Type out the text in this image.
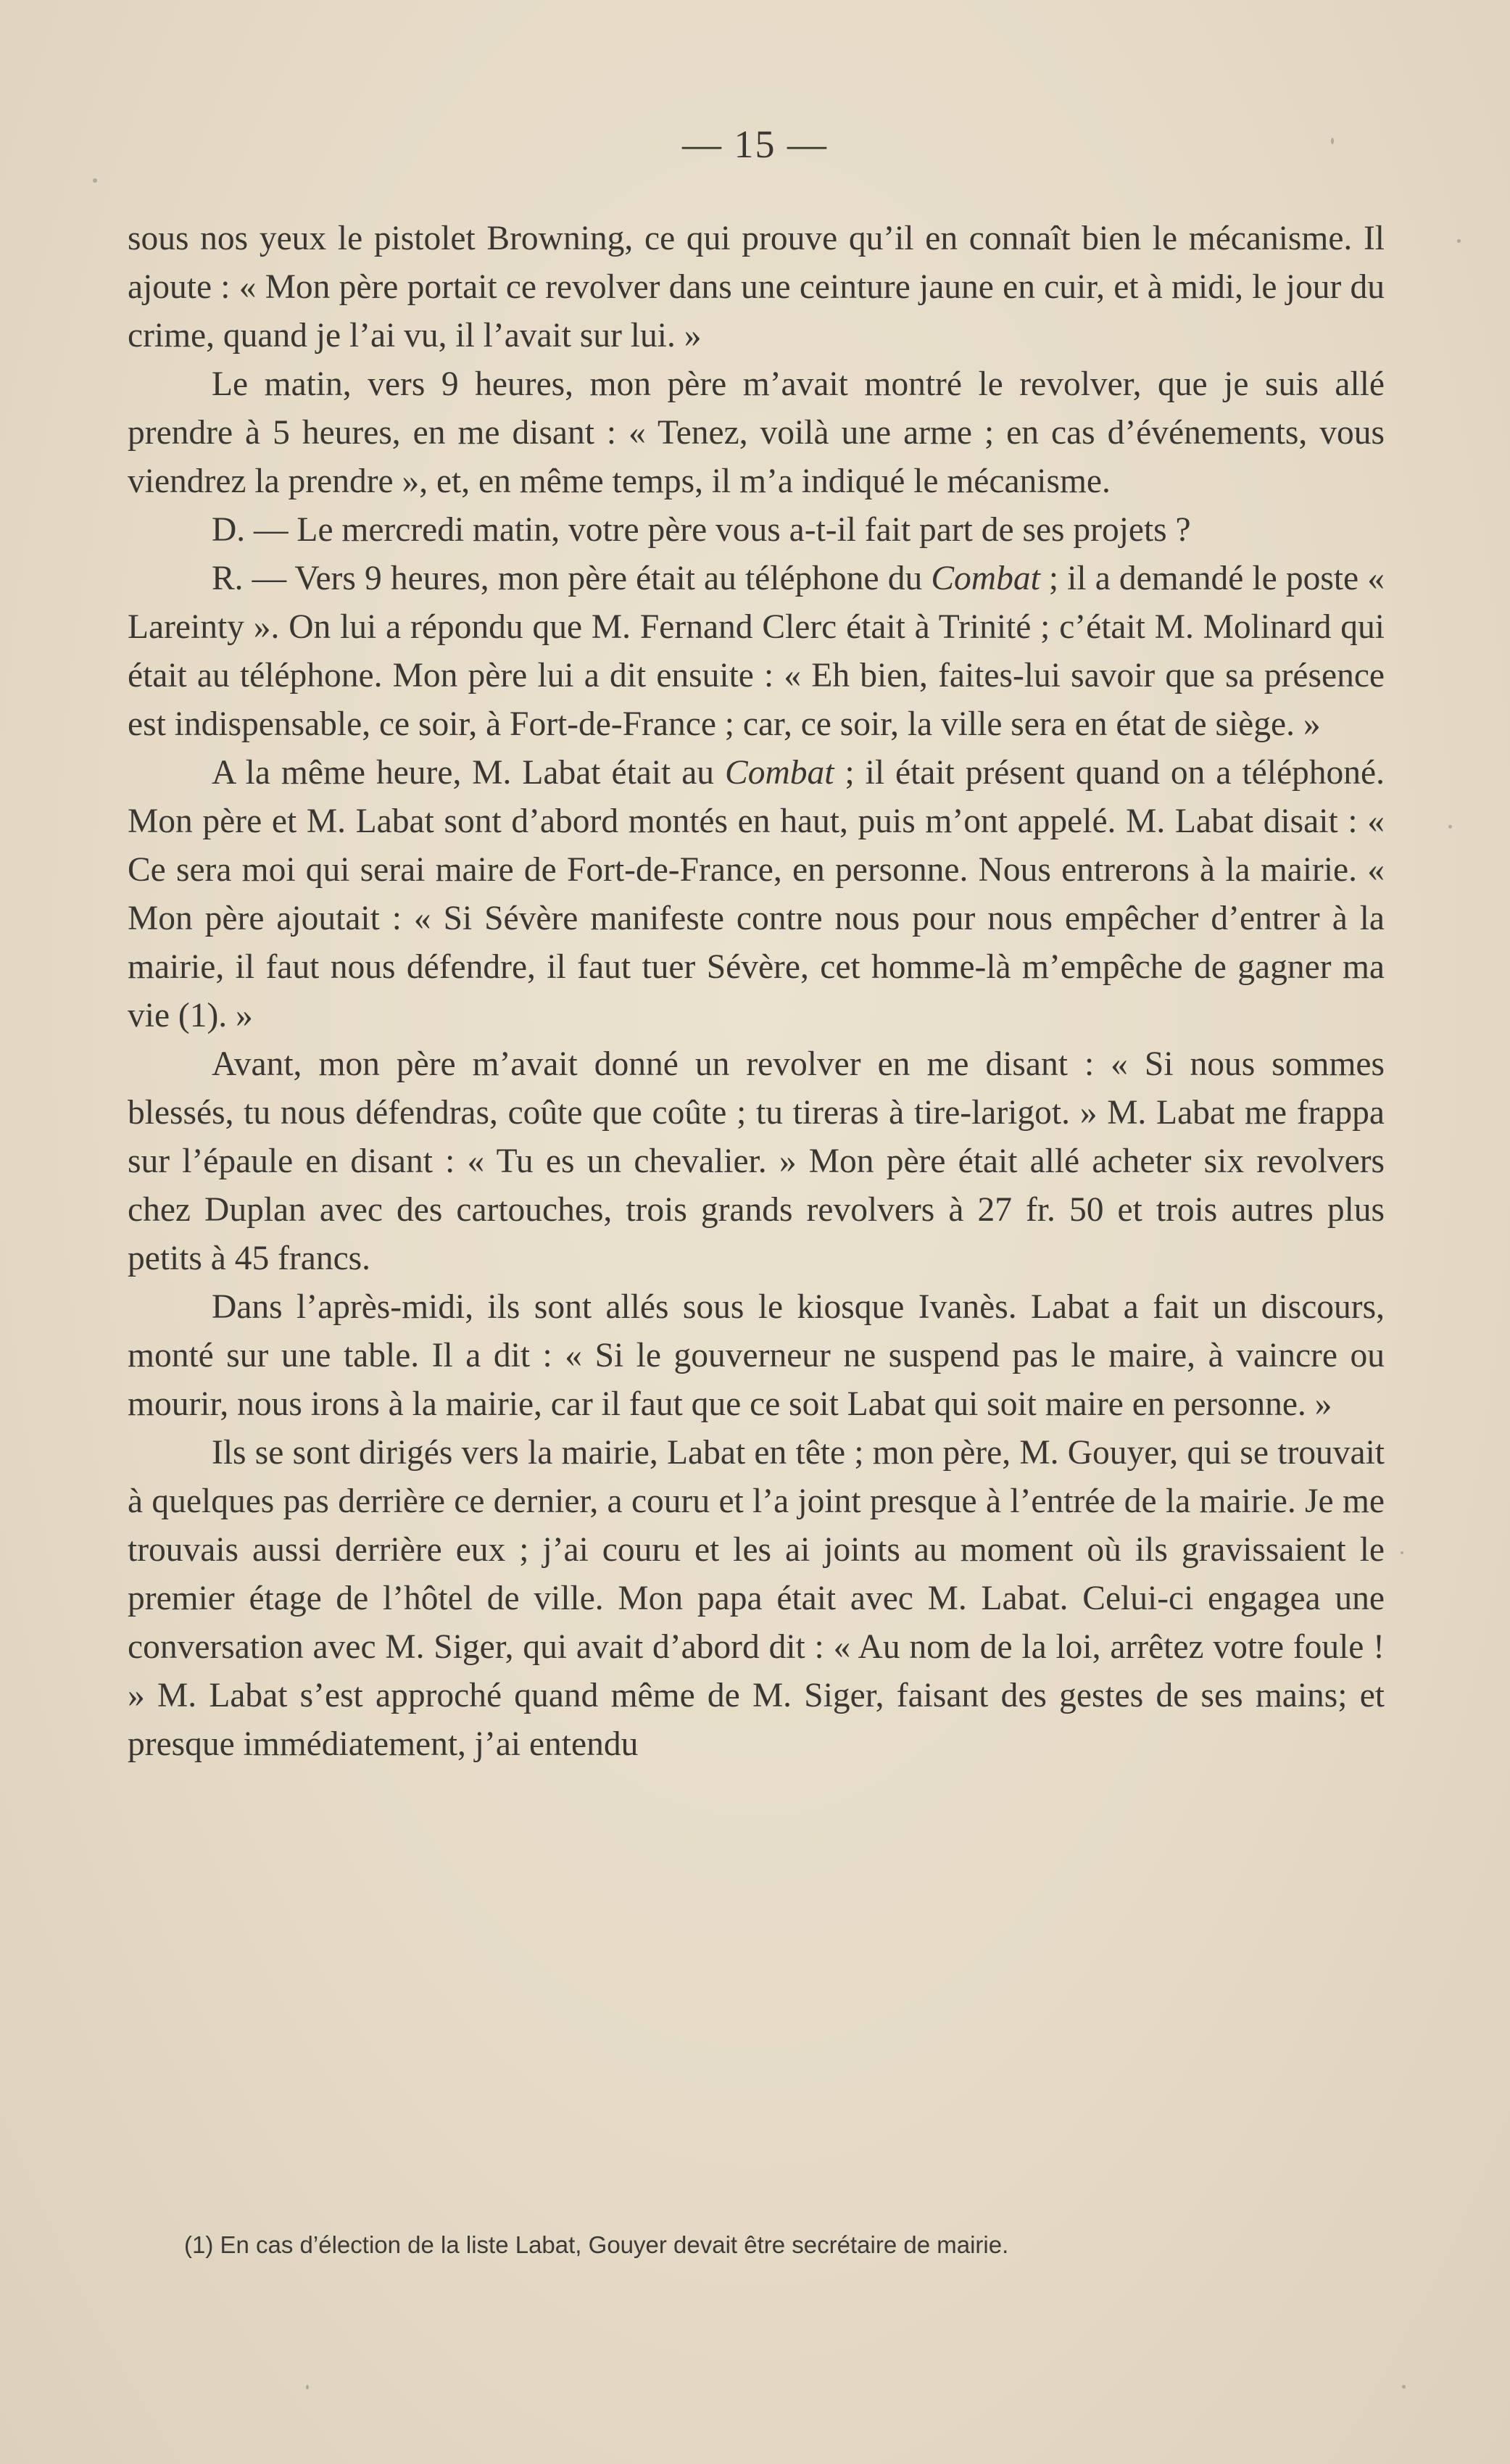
— 15 —

sous nos yeux le pistolet Browning, ce qui prouve qu’il en connaît bien le mécanisme. Il ajoute : « Mon père portait ce revolver dans une ceinture jaune en cuir, et à midi, le jour du crime, quand je l’ai vu, il l’avait sur lui. »

Le matin, vers 9 heures, mon père m’avait montré le revolver, que je suis allé prendre à 5 heures, en me disant : « Tenez, voilà une arme ; en cas d’événements, vous viendrez la prendre », et, en même temps, il m’a indiqué le mécanisme.

D. — Le mercredi matin, votre père vous a-t-il fait part de ses projets ?

R. — Vers 9 heures, mon père était au téléphone du Combat ; il a demandé le poste « Lareinty ». On lui a répondu que M. Fernand Clerc était à Trinité ; c’était M. Molinard qui était au téléphone. Mon père lui a dit ensuite : « Eh bien, faites-lui savoir que sa présence est indispensable, ce soir, à Fort-de-France ; car, ce soir, la ville sera en état de siège. »

A la même heure, M. Labat était au Combat ; il était présent quand on a téléphoné. Mon père et M. Labat sont d’abord montés en haut, puis m’ont appelé. M. Labat disait : « Ce sera moi qui serai maire de Fort-de-France, en personne. Nous entrerons à la mairie. « Mon père ajoutait : « Si Sévère manifeste contre nous pour nous empêcher d’entrer à la mairie, il faut nous défendre, il faut tuer Sévère, cet homme-là m’empêche de gagner ma vie (1). »

Avant, mon père m’avait donné un revolver en me disant : « Si nous sommes blessés, tu nous défendras, coûte que coûte ; tu tireras à tire-larigot. » M. Labat me frappa sur l’épaule en disant : « Tu es un chevalier. » Mon père était allé acheter six revolvers chez Duplan avec des cartouches, trois grands revolvers à 27 fr. 50 et trois autres plus petits à 45 francs.

Dans l’après-midi, ils sont allés sous le kiosque Ivanès. Labat a fait un discours, monté sur une table. Il a dit : « Si le gouverneur ne suspend pas le maire, à vaincre ou mourir, nous irons à la mairie, car il faut que ce soit Labat qui soit maire en personne. »

Ils se sont dirigés vers la mairie, Labat en tête ; mon père, M. Gouyer, qui se trouvait à quelques pas derrière ce dernier, a couru et l’a joint presque à l’entrée de la mairie. Je me trouvais aussi derrière eux ; j’ai couru et les ai joints au moment où ils gravissaient le premier étage de l’hôtel de ville. Mon papa était avec M. Labat. Celui-ci engagea une conversation avec M. Siger, qui avait d’abord dit : « Au nom de la loi, arrêtez votre foule ! » M. Labat s’est approché quand même de M. Siger, faisant des gestes de ses mains; et presque immédiatement, j’ai entendu

(1) En cas d’élection de la liste Labat, Gouyer devait être secrétaire de mairie.
